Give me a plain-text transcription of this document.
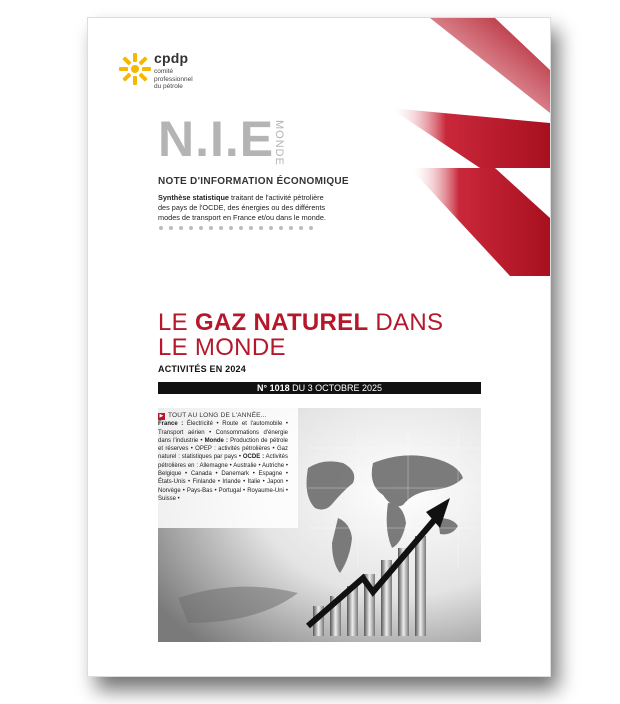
cpdp
comité
professionnel
du pétrole
N.I.E
MONDE
NOTE D'INFORMATION ÉCONOMIQUE
Synthèse statistique traitant de l'activité pétrolière des pays de l'OCDE, des énergies ou des différents modes de transport en France et/ou dans le monde.
LE GAZ NATUREL DANS
LE MONDE
ACTIVITÉS EN 2024
N° 1018 DU 3 OCTOBRE 2025
▶ TOUT AU LONG DE L'ANNÉE...
France : Électricité • Route et l'automobile • Transport aérien • Consommations d'énergie dans l'industrie • Monde : Production de pétrole et réserves • OPEP : activités pétrolières • Gaz naturel : statistiques par pays • OCDE : Activités pétrolières en : Allemagne • Australie • Autriche • Belgique • Canada • Danemark • Espagne • États-Unis • Finlande • Irlande • Italie • Japon • Norvège • Pays-Bas • Portugal • Royaume-Uni • Suisse •
